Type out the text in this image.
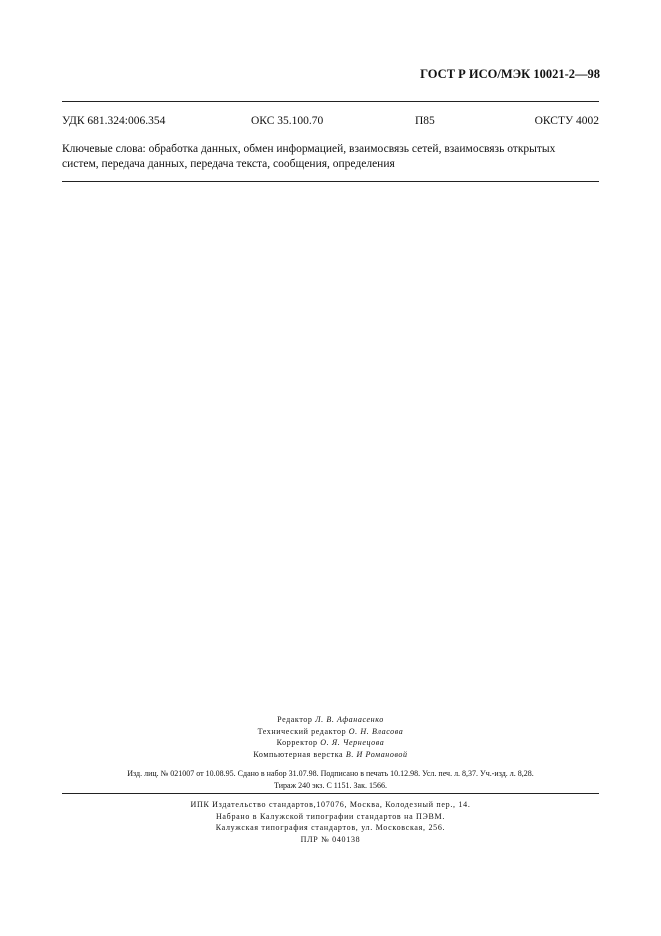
ГОСТ Р ИСО/МЭК 10021-2—98
УДК 681.324:006.354	ОКС 35.100.70	П85	ОКСТУ 4002
Ключевые слова: обработка данных, обмен информацией, взаимосвязь сетей, взаимосвязь открытых
систем, передача данных, передача текста, сообщения, определения
Редактор Л. В. Афанасенко
Технический редактор О. Н. Власова
Корректор О. Я. Чернецова
Компьютерная верстка В. И Романовой
Изд. лиц. № 021007 от 10.08.95. Сдано в набор 31.07.98. Подписано в печать 10.12.98. Усл. печ. л. 8,37. Уч.-изд. л. 8,28.
Тираж 240 экз. С 1151. Зак. 1566.
ИПК Издательство стандартов,107076, Москва, Колодезный пер., 14.
Набрано в Калужской типографии стандартов на ПЭВМ.
Калужская типография стандартов, ул. Московская, 256.
ПЛР № 040138
